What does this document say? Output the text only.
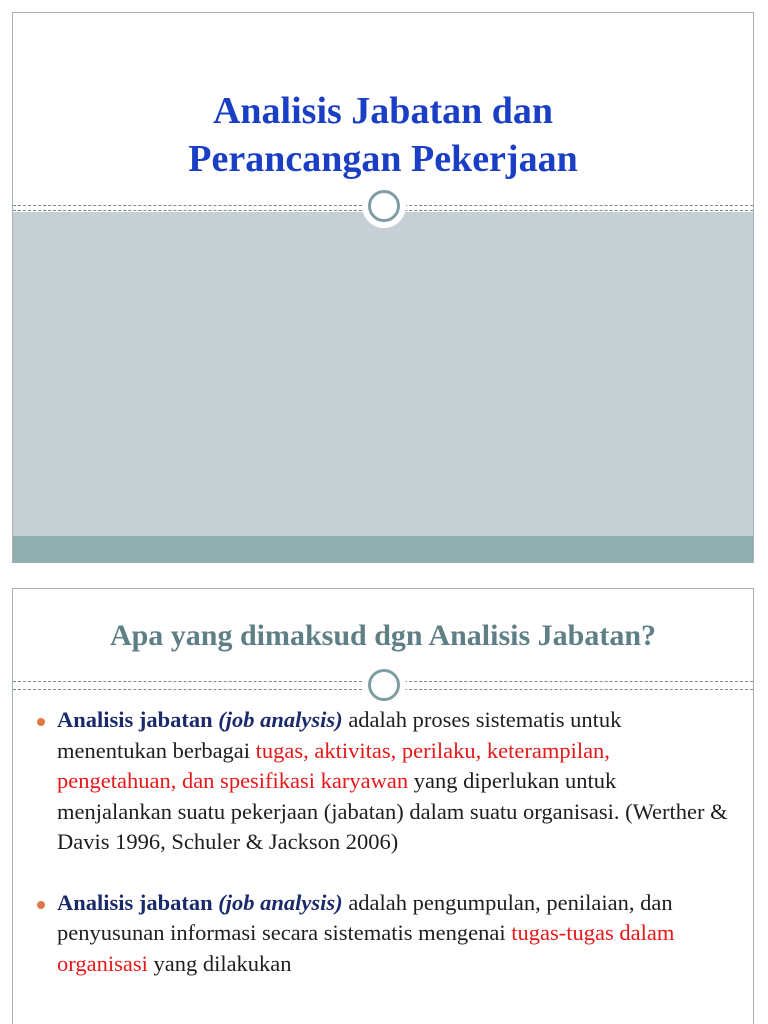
Analisis Jabatan dan
Perancangan Pekerjaan
Apa yang dimaksud dgn Analisis Jabatan?

Analisis jabatan (job analysis) adalah proses sistematis untuk menentukan berbagai tugas, aktivitas, perilaku, keterampilan, pengetahuan, dan spesifikasi karyawan yang diperlukan untuk menjalankan suatu pekerjaan (jabatan) dalam suatu organisasi. (Werther & Davis 1996, Schuler & Jackson 2006)

Analisis jabatan (job analysis) adalah pengumpulan, penilaian, dan penyusunan informasi secara sistematis mengenai tugas-tugas dalam organisasi yang dilakukan
